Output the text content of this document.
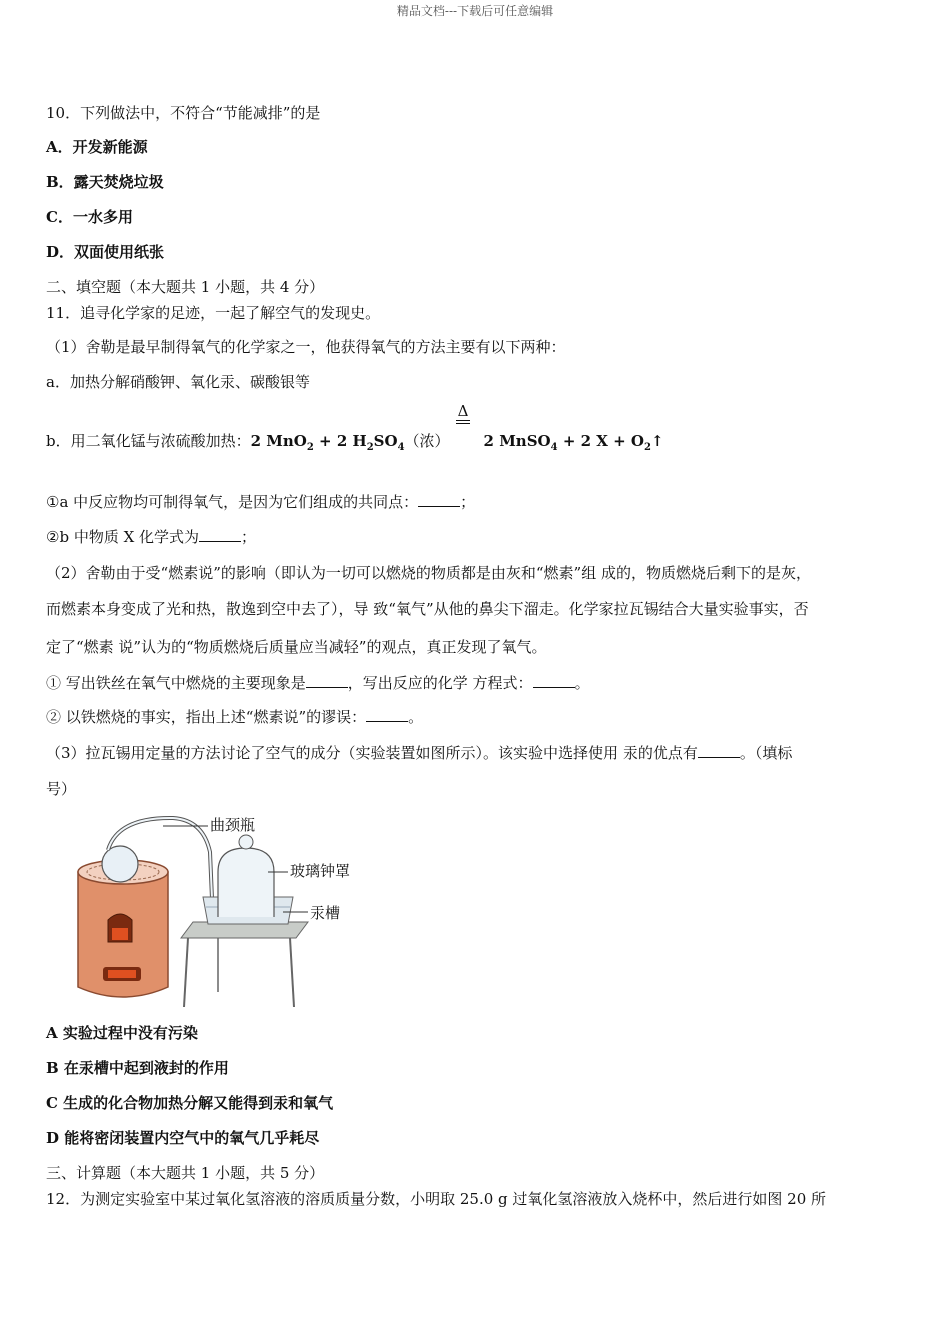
精品文档---下载后可任意编辑
10．下列做法中，不符合“节能减排”的是
A．开发新能源
B．露天焚烧垃圾
C．一水多用
D．双面使用纸张
二、填空题（本大题共 1 小题，共 4 分）
11．追寻化学家的足迹，一起了解空气的发现史。
（1）舍勒是最早制得氧气的化学家之一，他获得氧气的方法主要有以下两种：
a．加热分解硝酸钾、氧化汞、碳酸银等
Δ
b．用二氧化锰与浓硫酸加热：2 MnO$_2$ + 2 $H_2SO_4$（浓） 2 MnSO$_4$ + 2 $X + O_2↑$
①a 中反应物均可制得氧气，是因为它们组成的共同点：	；
②b 中物质 X 化学式为	；
（2）舍勒由于受“燃素说”的影响（即认为一切可以燃烧的物质都是由灰和“燃素”组 成的，物质燃烧后剩下的是灰，
而燃素本身变成了光和热，散逸到空中去了），导 致“氧气”从他的鼻尖下溜走。化学家拉瓦锡结合大量实验事实，否
定了“燃素 说”认为的“物质燃烧后质量应当减轻”的观点，真正发现了氧气。
① 写出铁丝在氧气中燃烧的主要现象是	，写出反应的化学 方程式：	。
② 以铁燃烧的事实，指出上述“燃素说”的谬误：	。
（3）拉瓦锡用定量的方法讨论了空气的成分（实验装置如图所示）。该实验中选择使用 汞的优点有	。（填标
号）
曲颈瓶
玻璃钟罩
汞槽
A 实验过程中没有污染
B 在汞槽中起到液封的作用
C 生成的化合物加热分解又能得到汞和氧气
D 能将密闭装置内空气中的氧气几乎耗尽
三、计算题（本大题共 1 小题，共 5 分）
12．为测定实验室中某过氧化氢溶液的溶质质量分数，小明取 25.0 g 过氧化氢溶液放入烧杯中，然后进行如图 20 所
